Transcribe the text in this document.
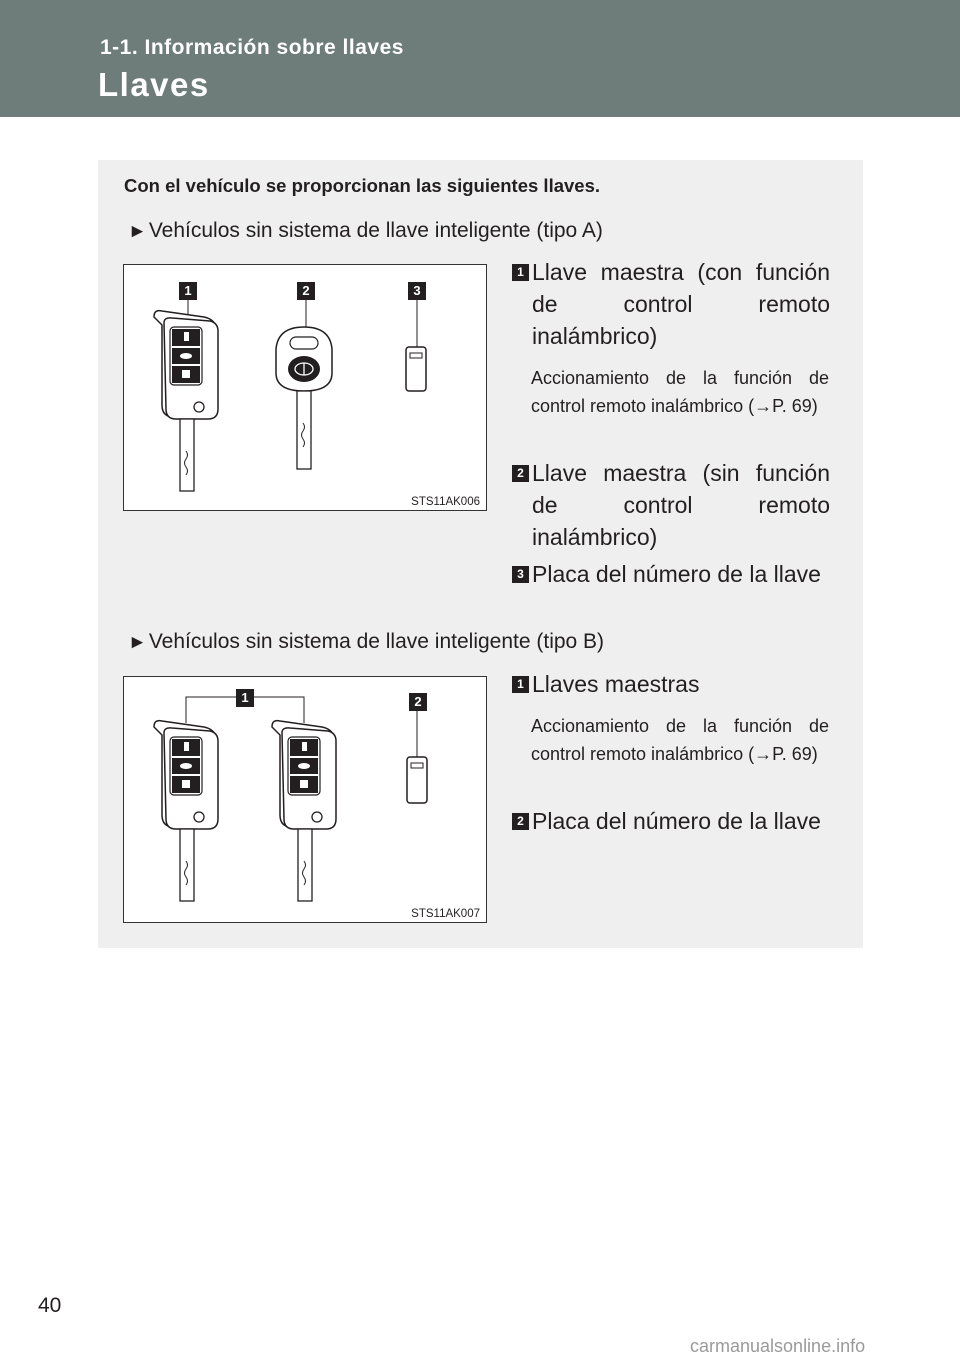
1-1. Información sobre llaves
Llaves
Con el vehículo se proporcionan las siguientes llaves.
►Vehículos sin sistema de llave inteligente (tipo A)
1	2	3
STS11AK006
1 Llave maestra (con función de control remoto inalámbrico)
Accionamiento de la función de control remoto inalámbrico (→P. 69)
2 Llave maestra (sin función de control remoto inalámbrico)
3 Placa del número de la llave
►Vehículos sin sistema de llave inteligente (tipo B)
1	2
STS11AK007
1 Llaves maestras
Accionamiento de la función de control remoto inalámbrico (→P. 69)
2 Placa del número de la llave
40
carmanualsonline.info
